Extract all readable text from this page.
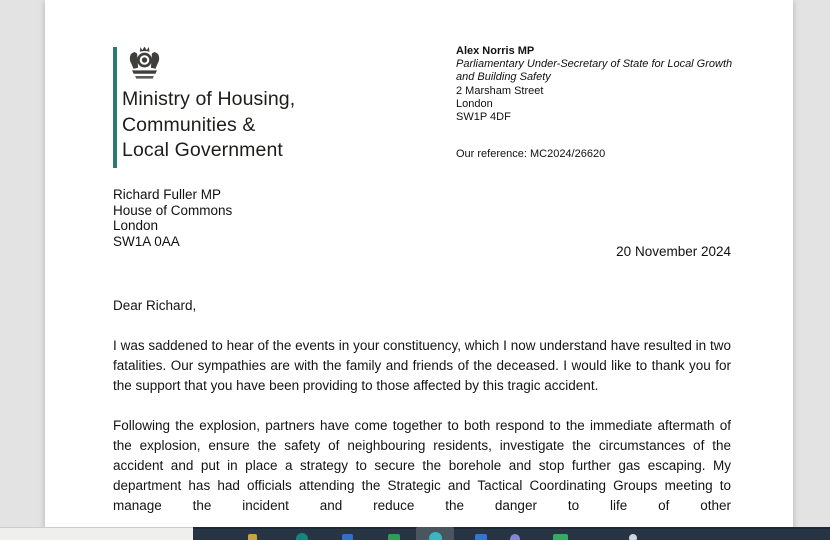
Ministry of Housing,
Communities &
Local Government
Alex Norris MP
Parliamentary Under-Secretary of State for Local Growth and Building Safety
2 Marsham Street
London
SW1P 4DF
Our reference: MC2024/26620
Richard Fuller MP
House of Commons
London
SW1A 0AA
20 November 2024
Dear Richard,

I was saddened to hear of the events in your constituency, which I now understand have resulted in two fatalities. Our sympathies are with the family and friends of the deceased. I would like to thank you for the support that you have been providing to those affected by this tragic accident.

Following the explosion, partners have come together to both respond to the immediate aftermath of the explosion, ensure the safety of neighbouring residents, investigate the circumstances of the accident and put in place a strategy to secure the borehole and stop further gas escaping. My department has had officials attending the Strategic and Tactical Coordinating Groups meeting to manage the incident and reduce the danger to life of other
